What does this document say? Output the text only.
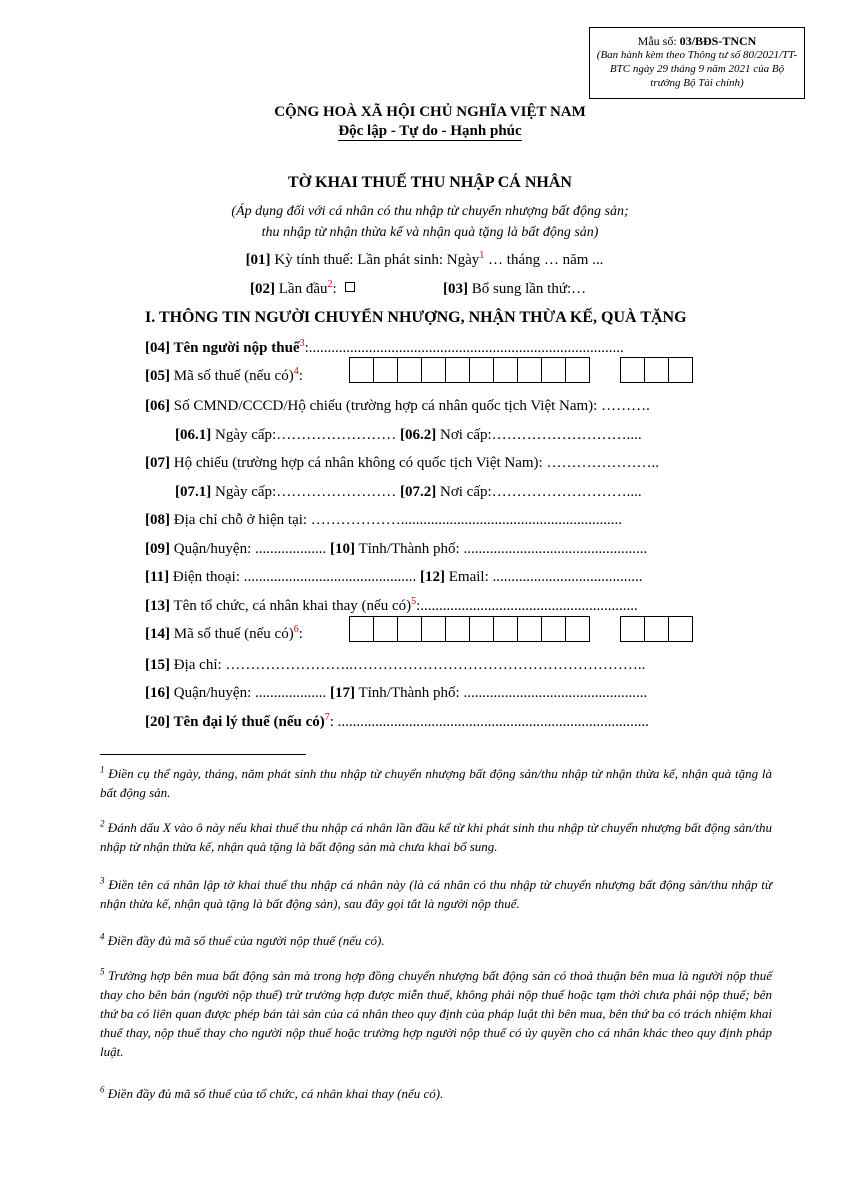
Mẫu số: 03/BĐS-TNCN
(Ban hành kèm theo Thông tư số 80/2021/TT-BTC ngày 29 tháng 9 năm 2021 của Bộ trưởng Bộ Tài chính)
CỘNG HOÀ XÃ HỘI CHỦ NGHĨA VIỆT NAM
Độc lập - Tự do - Hạnh phúc
TỜ KHAI THUẾ THU NHẬP CÁ NHÂN
(Áp dụng đối với cá nhân có thu nhập từ chuyển nhượng bất động sản;
thu nhập từ nhận thừa kế và nhận quà tặng là bất động sản)
[01] Kỳ tính thuế: Lần phát sinh: Ngày$^1$ … tháng … năm ...
[02] Lần đầu$^2$:	[03] Bổ sung lần thứ:…
I. THÔNG TIN NGƯỜI CHUYỂN NHƯỢNG, NHẬN THỪA KẾ, QUÀ TẶNG
[04] Tên người nộp thuế$^3$:....................................................................................
[05] Mã số thuế (nếu có)$^4$:
[06] Số CMND/CCCD/Hộ chiếu (trường hợp cá nhân quốc tịch Việt Nam): ……….
[06.1] Ngày cấp:…………………… [06.2] Nơi cấp:………………………....
[07] Hộ chiếu (trường hợp cá nhân không có quốc tịch Việt Nam): …………………..
[07.1] Ngày cấp:…………………… [07.2] Nơi cấp:………………………....
[08] Địa chỉ chỗ ở hiện tại: ………………...........................................................
[09] Quận/huyện: ................... [10] Tỉnh/Thành phố: .................................................
[11] Điện thoại: .............................................. [12] Email: ........................................
[13] Tên tổ chức, cá nhân khai thay (nếu có)$^5$:..........................................................
[14] Mã số thuế (nếu có)$^6$:
[15] Địa chỉ: ……………………..…………………………………………………..
[16] Quận/huyện: ................... [17] Tỉnh/Thành phố: .................................................
[20] Tên đại lý thuế (nếu có)$^7$: ...................................................................................
$^1$ Điền cụ thể ngày, tháng, năm phát sinh thu nhập từ chuyển nhượng bất động sản/thu nhập từ nhận thừa kế, nhận quà tặng là bất động sản.
$^2$ Đánh dấu X vào ô này nếu khai thuế thu nhập cá nhân lần đầu kể từ khi phát sinh thu nhập từ chuyển nhượng bất động sản/thu nhập từ nhận thừa kế, nhận quà tặng là bất động sản mà chưa khai bổ sung.
$^3$ Điền tên cá nhân lập tờ khai thuế thu nhập cá nhân này (là cá nhân có thu nhập từ chuyển nhượng bất động sản/thu nhập từ nhận thừa kế, nhận quà tặng là bất động sản), sau đây gọi tắt là người nộp thuế.
$^4$ Điền đầy đủ mã số thuế của người nộp thuế (nếu có).
$^5$ Trường hợp bên mua bất động sản mà trong hợp đồng chuyển nhượng bất động sản có thoả thuận bên mua là người nộp thuế thay cho bên bán (người nộp thuế) trừ trường hợp được miễn thuế, không phải nộp thuế hoặc tạm thời chưa phải nộp thuế; bên thứ ba có liên quan được phép bán tài sản của cá nhân theo quy định của pháp luật thì bên mua, bên thứ ba có trách nhiệm khai thuế thay, nộp thuế thay cho người nộp thuế hoặc trường hợp người nộp thuế có ủy quyền cho cá nhân khác theo quy định pháp luật.
$^6$ Điền đầy đủ mã số thuế của tổ chức, cá nhân khai thay (nếu có).
